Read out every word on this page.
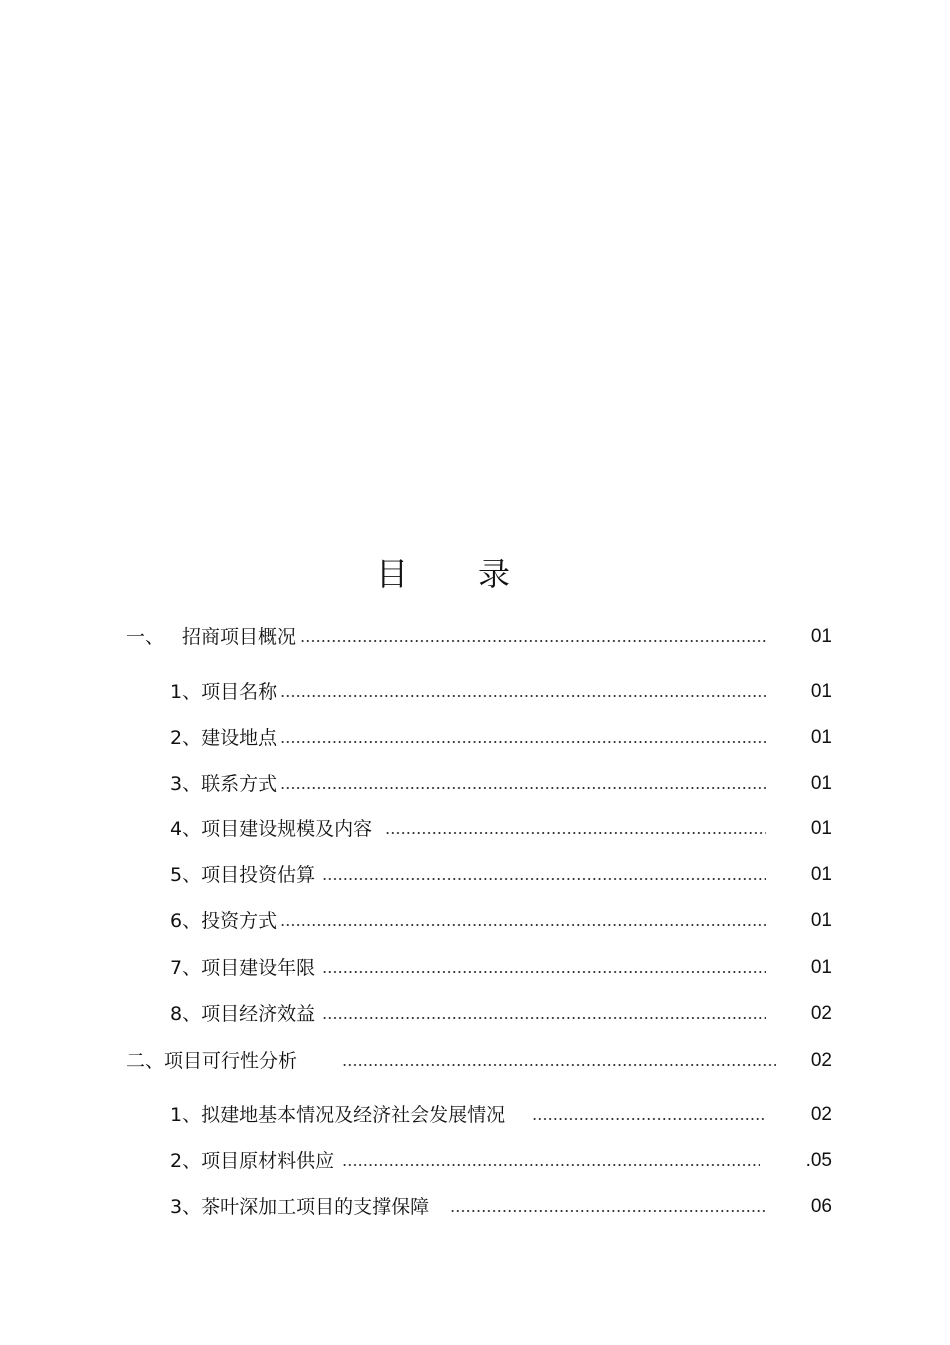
目 录
一、 招商项目概况	01
1、项目名称	01
2、建设地点	01
3、联系方式	01
4、项目建设规模及内容	01
5、项目投资估算	01
6、投资方式	01
7、项目建设年限	01
8、项目经济效益	02
二、项目可行性分析	02
1、拟建地基本情况及经济社会发展情况	02
2、项目原材料供应	.05
3、茶叶深加工项目的支撑保障	06
